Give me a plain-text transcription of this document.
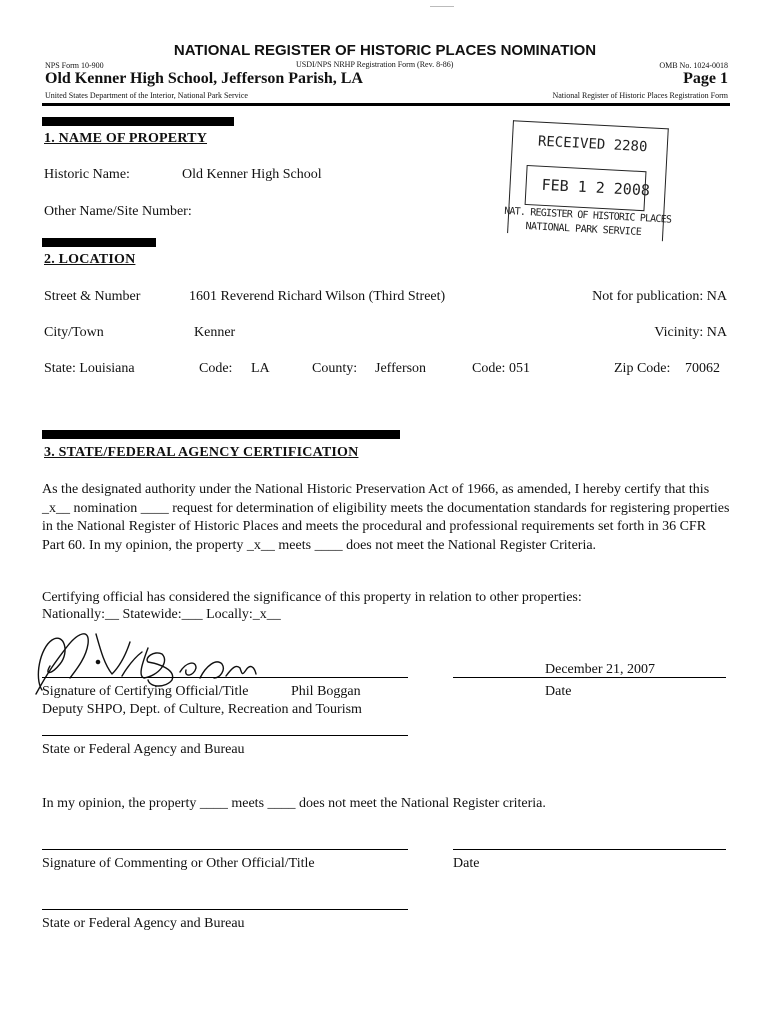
NATIONAL REGISTER OF HISTORIC PLACES NOMINATION
NPS Form 10-900	USDI/NPS NRHP Registration Form (Rev. 8-86)	OMB No. 1024-0018
Old Kenner High School, Jefferson Parish, LA	Page 1
United States Department of the Interior, National Park Service	National Register of Historic Places Registration Form
RECEIVED 2280
FEB 1 2 2008
NAT. REGISTER OF HISTORIC PLACES
NATIONAL PARK SERVICE
1. NAME OF PROPERTY
Historic Name:	Old Kenner High School
Other Name/Site Number:
2. LOCATION
Street & Number	1601 Reverend Richard Wilson (Third Street)	Not for publication: NA
City/Town	Kenner	Vicinity: NA
State: Louisiana	Code: LA	County: Jefferson	Code: 051	Zip Code: 70062
3. STATE/FEDERAL AGENCY CERTIFICATION
As the designated authority under the National Historic Preservation Act of 1966, as amended, I hereby certify that this _x__ nomination ____ request for determination of eligibility meets the documentation standards for registering properties in the National Register of Historic Places and meets the procedural and professional requirements set forth in 36 CFR Part 60. In my opinion, the property _x__ meets ____ does not meet the National Register Criteria.
Certifying official has considered the significance of this property in relation to other properties:
Nationally:__ Statewide:___ Locally:_x__
December 21, 2007
Signature of Certifying Official/Title	Phil Boggan	Date
Deputy SHPO, Dept. of Culture, Recreation and Tourism
State or Federal Agency and Bureau
In my opinion, the property ____ meets ____ does not meet the National Register criteria.
Signature of Commenting or Other Official/Title	Date
State or Federal Agency and Bureau
